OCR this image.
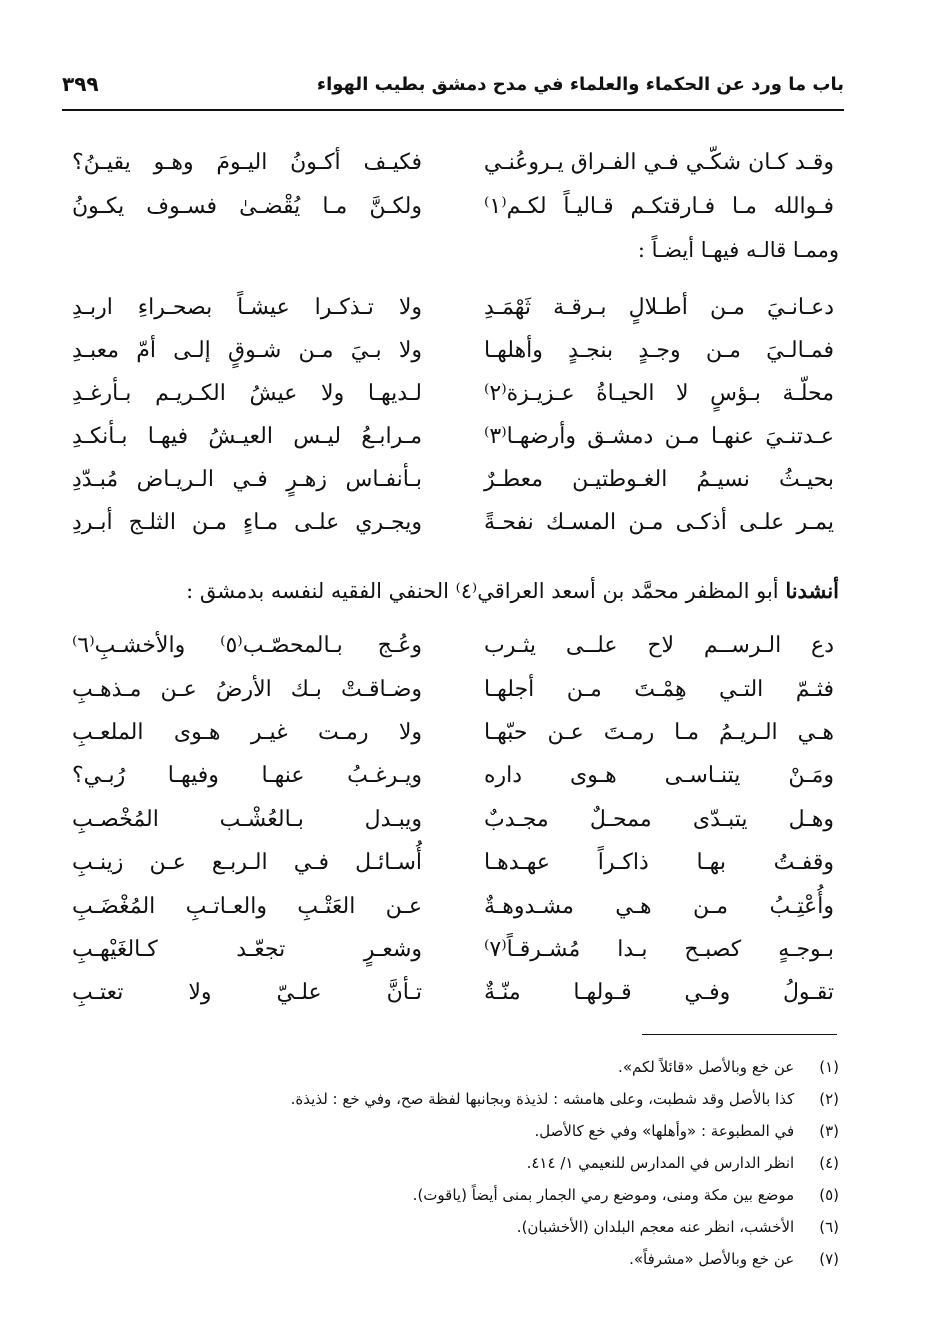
باب ما ورد عن الحكماء والعلماء في مدح دمشق بطيب الهواء
٣٩٩
وقـد كـان شكّـي فـي الفـراق يـروعُنـي
فكيـف أكـونُ اليـومَ وهـو يقيـنُ؟
فـوالله مـا فـارقتكـم قـاليـاً لكـم⁽١⁾
ولكـنَّ مـا يُقْضـىٰ فسـوف يكـونُ
وممـا قالـه فيهـا أيضـاً :
دعـانـيَ مـن أطـلالٍ بـرقـة ثَهْمَـدِ
ولا تـذكـرا عيشـاً بصحـراءِ اربـدِ
فمـالـيَ مـن وجـدٍ بنجـدٍ وأهلهـا
ولا بـيَ مـن شـوقٍ إلـى أمّ معبـدِ
محلّـة بـؤسٍ لا الحيـاةُ عـزيـزة⁽٢⁾
لـديهـا ولا عيشُ الكـريـم بـأرغـدِ
عـدتنـيَ عنهـا مـن دمشـق وأرضهـا⁽٣⁾
مـرابـعُ ليـس العيـشُ فيهـا بـأنكـدِ
بحيـثُ نسيـمُ الغـوطتيـن معطـرٌ
بـأنفـاس زهـرٍ فـي الـريـاض مُبـدّدِ
يمـر علـى أذكـى مـن المسـك نفحـةً
ويجـري علـى مـاءٍ مـن الثلـج أبـردِ
أنشدنا أبو المظفر محمَّد بن أسعد العراقي⁽٤⁾ الحنفي الفقيه لنفسه بدمشق :
دع الـرســم لاح علــى يثـرب
وعُـج بـالمحصّـب⁽٥⁾ والأخشـبِ⁽٦⁾
فثـمّ التـي هِمْـتَ مـن أجلهـا
وضـاقـتْ بـك الأرضُ عـن مـذهـبِ
هـي الـريـمُ مـا رمـتَ عـن حبّهـا
ولا رمـت غيـر هـوى الملعـبِ
ومَـنْ يتنـاسـى هـوى داره
ويـرغـبُ عنهـا وفيهـا رُبـي؟
وهـل يتبـدّى ممحـلٌ مجـدبٌ
ويبـدل بـالعُشْـب المُخْصـبِ
وقفـتُ بهـا ذاكـراً عهـدهـا
أُسـائـل فـي الـربـع عـن زينـبِ
وأُعْتِـبُ مـن هـي مشـدوهـةٌ
عـن العَتْـبِ والعـاتـبِ المُغْضَـبِ
بـوجـهٍ كصبـح بـدا مُشـرقـاً⁽٧⁾
وشعـرٍ تجعّـد كـالغَيْهـبِ
تقـولُ وفـي قـولهـا منّـةٌ
تـأنَّ علـيّ ولا تعتـبِ
(١) عن خع وبالأصل «قائلاً لكم».
(٢) كذا بالأصل وقد شطبت، وعلى هامشه : لذيذة وبجانبها لفظة صح، وفي خع : لذيذة.
(٣) في المطبوعة : «وأهلها» وفي خع كالأصل.
(٤) انظر الدارس في المدارس للنعيمي ١/ ٤١٤.
(٥) موضع بين مكة ومنى، وموضع رمي الجمار بمنى أيضاً (ياقوت).
(٦) الأخشب، انظر عنه معجم البلدان (الأخشبان).
(٧) عن خع وبالأصل «مشرفاً».
